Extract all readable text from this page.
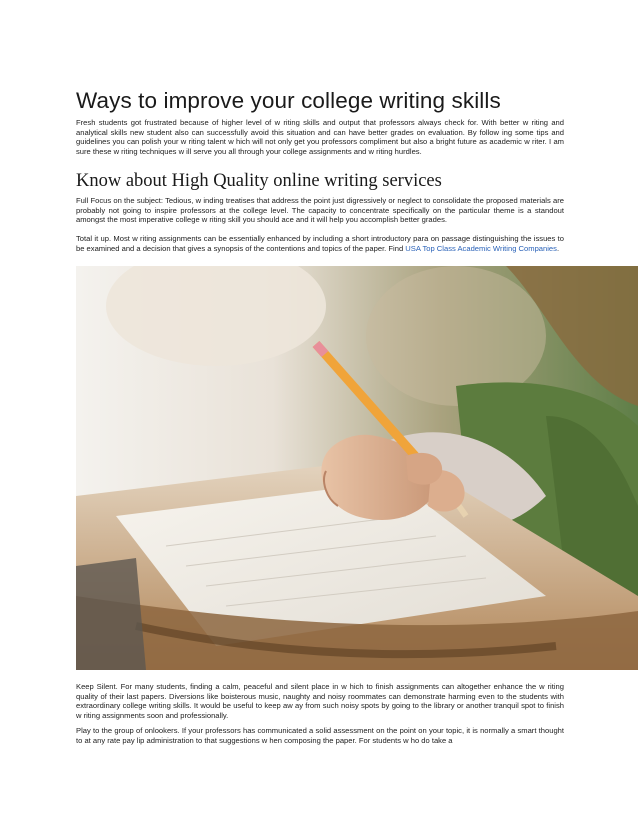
Ways to improve your college writing skills
Fresh students got frustrated because of higher level of w riting skills and output that professors always check for. With better w riting and analytical skills new student also can successfully avoid this situation and can have better grades on evaluation. By follow ing some tips and guidelines you can polish your w riting talent w hich will not only get you professors compliment but also a bright future as academic w riter. I am sure these w riting techniques w ill serve you all through your college assignments and w riting hurdles.
Know about High Quality online writing services
Full Focus on the subject: Tedious, w inding treatises that address the point just digressively or neglect to consolidate the proposed materials are probably not going to inspire professors at the college level. The capacity to concentrate specifically on the particular theme is a standout amongst the most imperative college w riting skill you should ace and it will help you accomplish better grades.
Total it up. Most w riting assignments can be essentially enhanced by including a short introductory para on passage distinguishing the issues to be examined and a decision that gives a synopsis of the contentions and topics of the paper. Find USA Top Class Academic Writing Companies.
Keep Silent. For many students, finding a calm, peaceful and silent place in w hich to finish assignments can altogether enhance the w riting quality of their last papers. Diversions like boisterous music, naughty and noisy roommates can demonstrate harming even to the students with extraordinary college writing skills. It would be useful to keep aw ay from such noisy spots by going to the library or another tranquil spot to finish w riting assignments soon and professionally.
Play to the group of onlookers. If your professors has communicated a solid assessment on the point on your topic, it is normally a smart thought to at any rate pay lip administration to that suggestions w hen composing the paper. For students w ho do take a
